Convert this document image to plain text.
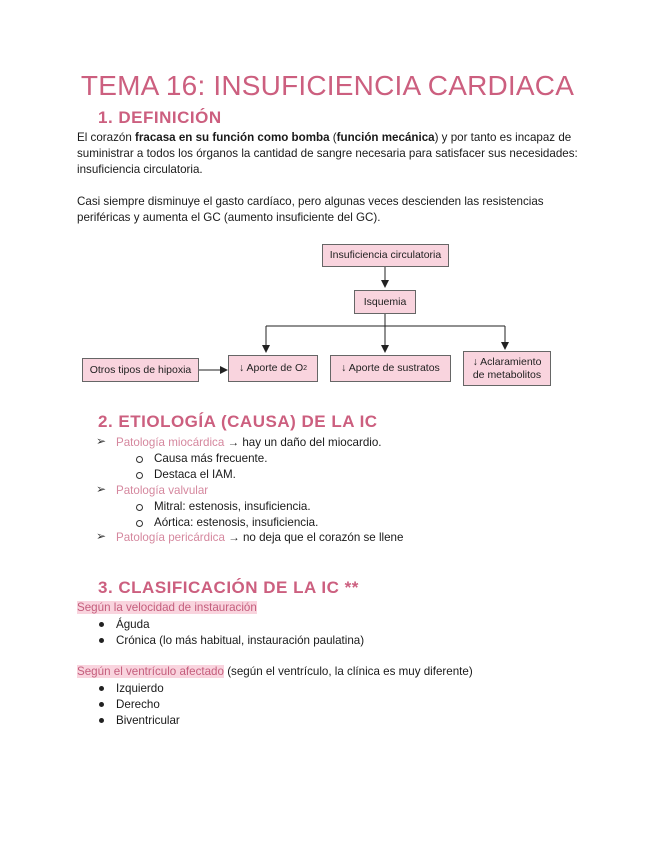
TEMA 16: INSUFICIENCIA CARDIACA
1. DEFINICIÓN
El corazón fracasa en su función como bomba (función mecánica) y por tanto es incapaz de suministrar a todos los órganos la cantidad de sangre necesaria para satisfacer sus necesidades: insuficiencia circulatoria.
Casi siempre disminuye el gasto cardíaco, pero algunas veces descienden las resistencias periféricas y aumenta el GC (aumento insuficiente del GC).
Insuficiencia circulatoria
Isquemia
Otros tipos de hipoxia	↓ Aporte de O 2	↓ Aporte de sustratos
↓ Aclaramiento
de metabolitos
2. ETIOLOGÍA (CAUSA) DE LA IC
➢ Patología miocárdica → hay un daño del miocardio.
Causa más frecuente.
Destaca el IAM.
➢ Patología valvular
Mitral: estenosis, insuficiencia.
Aórtica: estenosis, insuficiencia.
➢ Patología pericárdica → no deja que el corazón se llene
3. CLASIFICACIÓN DE LA IC **
Según la velocidad de instauración
Águda
Crónica (lo más habitual, instauración paulatina)
Según el ventrículo afectado (según el ventrículo, la clínica es muy diferente)
Izquierdo
Derecho
Biventricular
